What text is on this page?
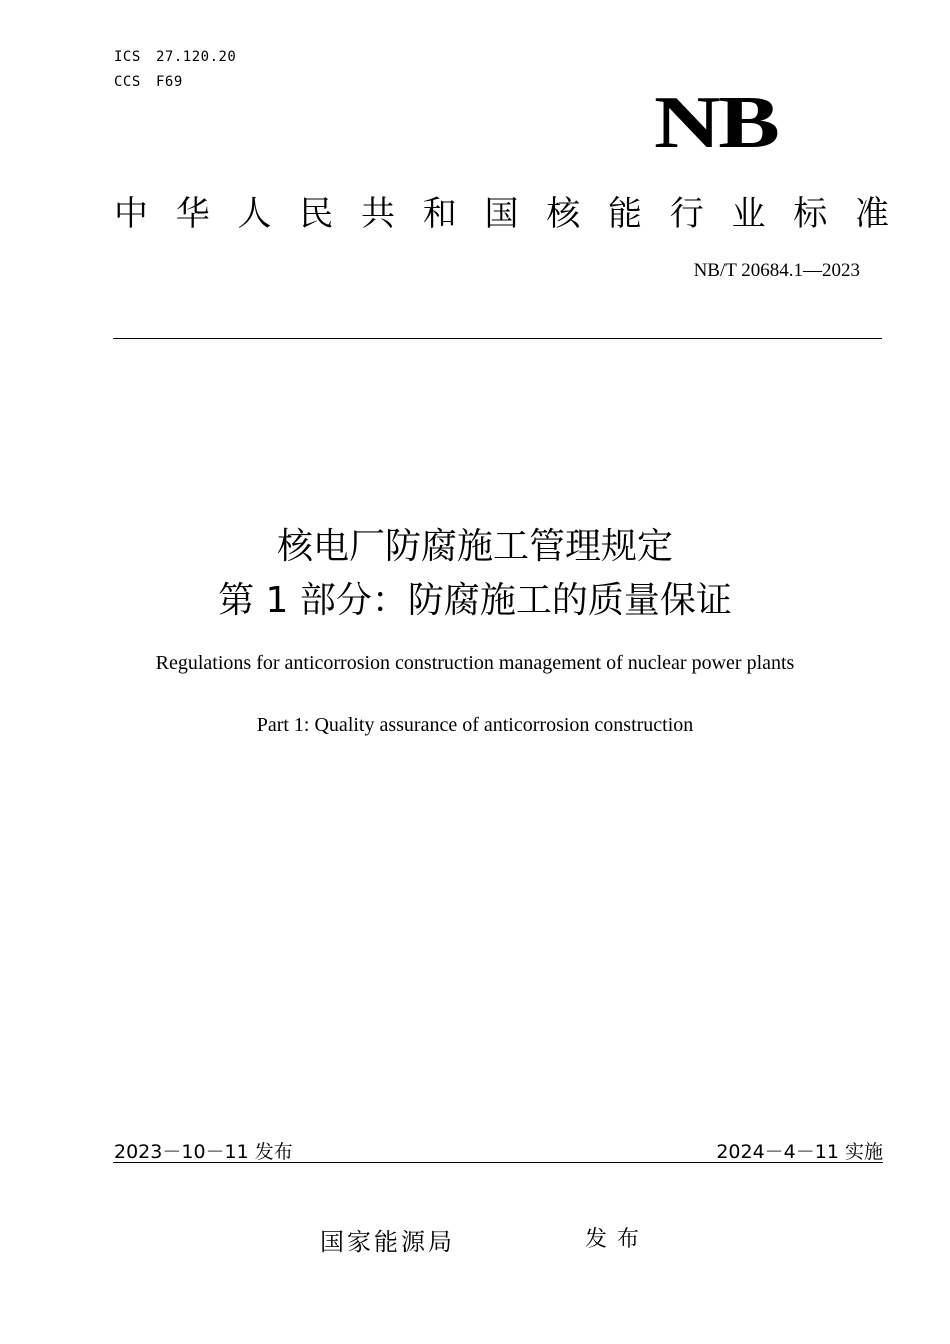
ICS 27.120.20
CCS F69	NB
中 华 人 民 共 和 国 核 能 行 业 标 准
NB/T 20684.1—2023
核电厂防腐施工管理规定
第 1 部分：防腐施工的质量保证
Regulations for anticorrosion construction management of nuclear power plants
Part 1: Quality assurance of anticorrosion construction
2023－10－11 发布	2024－4－11 实施
国家能源局	发布
